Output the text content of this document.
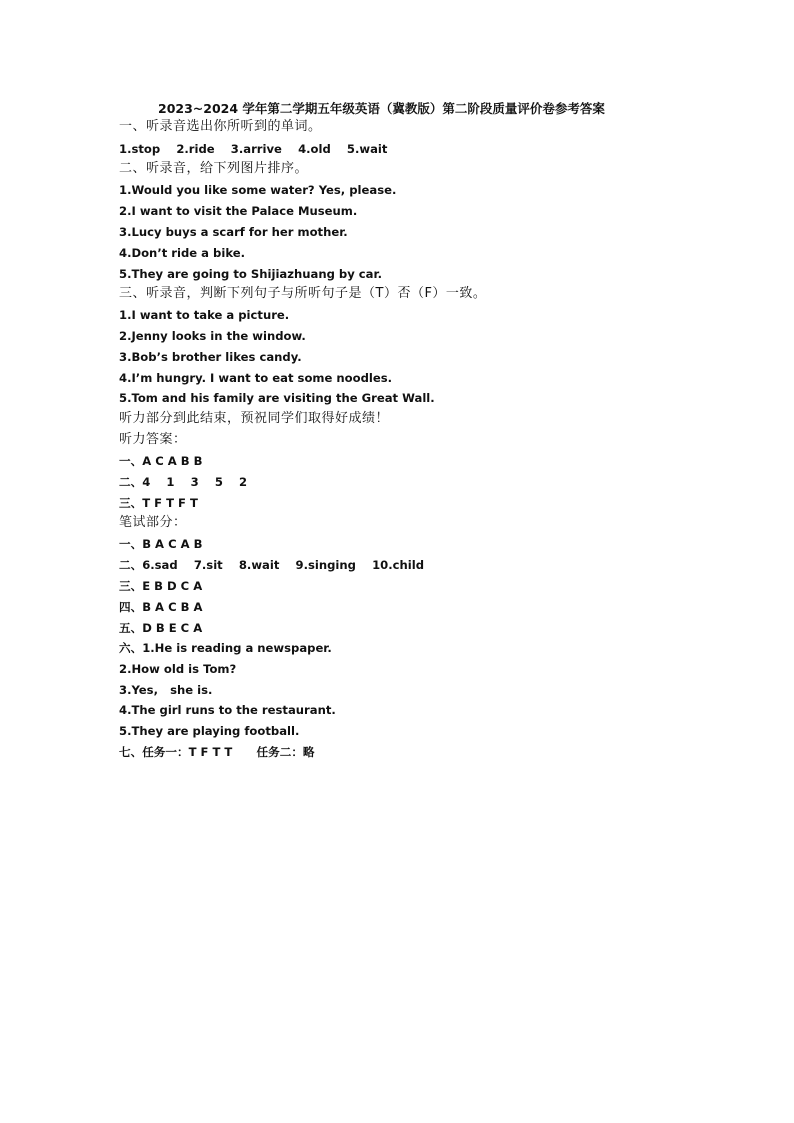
2023~2024 学年第二学期五年级英语（冀教版）第二阶段质量评价卷参考答案
一、听录音选出你所听到的单词。
1.stop    2.ride    3.arrive    4.old    5.wait
二、听录音，给下列图片排序。
1.Would you like some water? Yes, please.
2.I want to visit the Palace Museum.
3.Lucy buys a scarf for her mother.
4.Don’t ride a bike.
5.They are going to Shijiazhuang by car.
三、听录音，判断下列句子与所听句子是（T）否（F）一致。
1.I want to take a picture.
2.Jenny looks in the window.
3.Bob’s brother likes candy.
4.I’m hungry. I want to eat some noodles.
5.Tom and his family are visiting the Great Wall.
听力部分到此结束，预祝同学们取得好成绩！
听力答案：
一、A C A B B
二、4    1    3    5    2
三、T F T F T
笔试部分：
一、B A C A B
二、6.sad    7.sit    8.wait    9.singing    10.child
三、E B D C A
四、B A C B A
五、D B E C A
六、1.He is reading a newspaper.
2.How old is Tom?
3.Yes,   she is.
4.The girl runs to the restaurant.
5.They are playing football.
七、任务一：T F T T      任务二：略
